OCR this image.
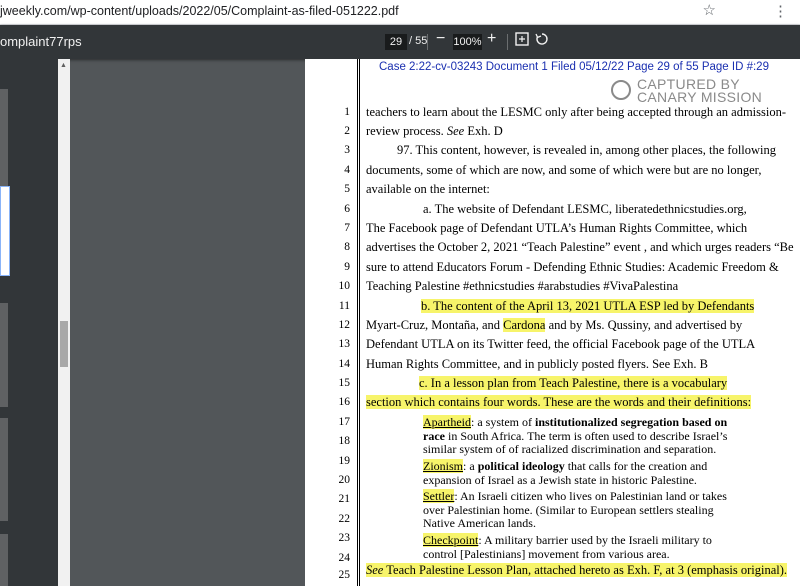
jweekly.com/wp-content/uploads/2022/05/Complaint-as-filed-051222.pdf	☆	⋮
omplaint77rps	29 / 55 − 100% +
▲	Case 2:22-cv-03243 Document 1 Filed 05/12/22 Page 29 of 55 Page ID #:29
CAPTURED BY
CANARY MISSION
1
2
3
4
5
6
7
8
9
10
11
12
13
14
15
16
17
18
19
20
21
22
23
24
25
teachers to learn about the LESMC only after being accepted through an admission-
review process. See Exh. D
97. This content, however, is revealed in, among other places, the following
documents, some of which are now, and some of which were but are no longer,
available on the internet:
a. The website of Defendant LESMC, liberatedethnicstudies.org,
The Facebook page of Defendant UTLA’s Human Rights Committee, which
advertises the October 2, 2021 “Teach Palestine” event , and which urges readers “Be
sure to attend Educators Forum - Defending Ethnic Studies: Academic Freedom &
Teaching Palestine #ethnicstudies #arabstudies #VivaPalestina
b. The content of the April 13, 2021 UTLA ESP led by Defendants
Myart-Cruz, Montaña, and Cardona and by Ms. Qussiny, and advertised by
Defendant UTLA on its Twitter feed, the official Facebook page of the UTLA
Human Rights Committee, and in publicly posted flyers. See Exh. B
c. In a lesson plan from Teach Palestine, there is a vocabulary
section which contains four words. These are the words and their definitions:
Apartheid: a system of institutionalized segregation based on
race in South Africa. The term is often used to describe Israel’s
similar system of of racialized discrimination and separation.
Zionism: a political ideology that calls for the creation and
expansion of Israel as a Jewish state in historic Palestine.
Settler: An Israeli citizen who lives on Palestinian land or takes
over Palestinian home. (Similar to European settlers stealing
Native American lands.
Checkpoint: A military barrier used by the Israeli military to
control [Palestinians] movement from various area.
See Teach Palestine Lesson Plan, attached hereto as Exh. F, at 3 (emphasis original).
